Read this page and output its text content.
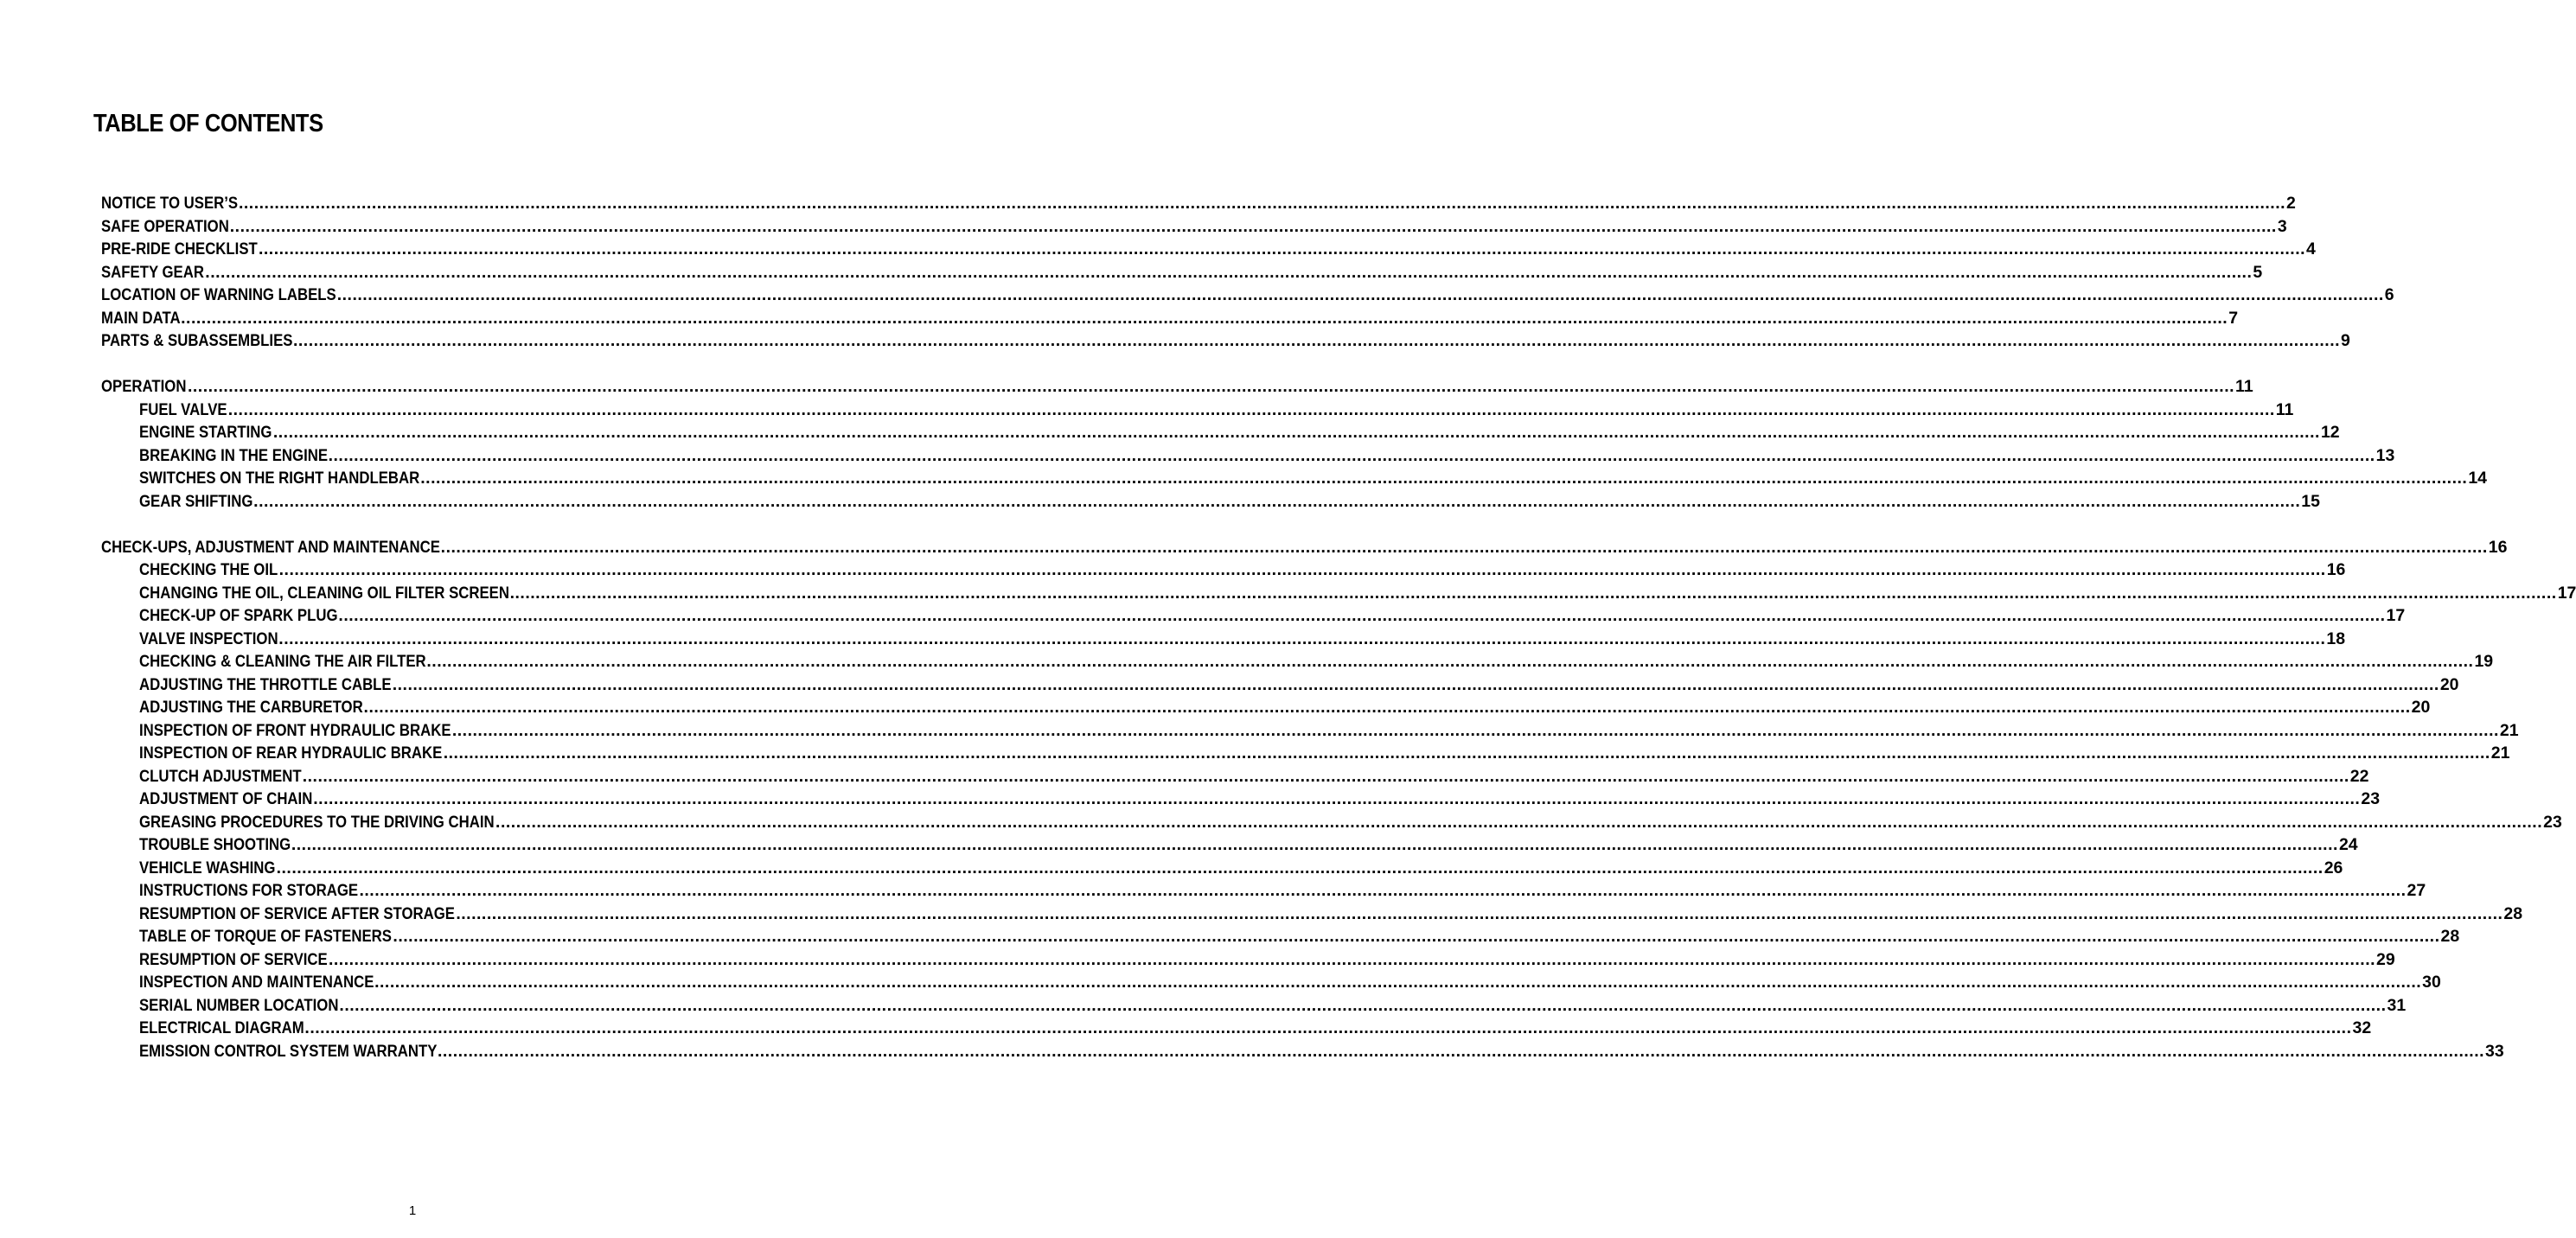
TABLE OF CONTENTS
NOTICE TO USER’S ................................................................................................................................................................................................................................................................................................................................................................................................................ 2
SAFE OPERATION ................................................................................................................................................................................................................................................................................................................................................................................................................ 3
PRE-RIDE CHECKLIST ................................................................................................................................................................................................................................................................................................................................................................................................................ 4
SAFETY GEAR ................................................................................................................................................................................................................................................................................................................................................................................................................ 5
LOCATION OF WARNING LABELS ................................................................................................................................................................................................................................................................................................................................................................................................................ 6
MAIN DATA ................................................................................................................................................................................................................................................................................................................................................................................................................ 7
PARTS & SUBASSEMBLIES ................................................................................................................................................................................................................................................................................................................................................................................................................ 9
OPERATION ................................................................................................................................................................................................................................................................................................................................................................................................................ 11
FUEL VALVE ................................................................................................................................................................................................................................................................................................................................................................................................................ 11
ENGINE STARTING ................................................................................................................................................................................................................................................................................................................................................................................................................ 12
BREAKING IN THE ENGINE ................................................................................................................................................................................................................................................................................................................................................................................................................ 13
SWITCHES ON THE RIGHT HANDLEBAR ................................................................................................................................................................................................................................................................................................................................................................................................................ 14
GEAR SHIFTING ................................................................................................................................................................................................................................................................................................................................................................................................................ 15
CHECK-UPS, ADJUSTMENT AND MAINTENANCE ................................................................................................................................................................................................................................................................................................................................................................................................................ 16
CHECKING THE OIL ................................................................................................................................................................................................................................................................................................................................................................................................................ 16
CHANGING THE OIL, CLEANING OIL FILTER SCREEN ................................................................................................................................................................................................................................................................................................................................................................................................................ 17
CHECK-UP OF SPARK PLUG ................................................................................................................................................................................................................................................................................................................................................................................................................ 17
VALVE INSPECTION ................................................................................................................................................................................................................................................................................................................................................................................................................ 18
CHECKING & CLEANING THE AIR FILTER ................................................................................................................................................................................................................................................................................................................................................................................................................ 19
ADJUSTING THE THROTTLE CABLE ................................................................................................................................................................................................................................................................................................................................................................................................................ 20
ADJUSTING THE CARBURETOR ................................................................................................................................................................................................................................................................................................................................................................................................................ 20
INSPECTION OF FRONT HYDRAULIC BRAKE ................................................................................................................................................................................................................................................................................................................................................................................................................ 21
INSPECTION OF REAR HYDRAULIC BRAKE ................................................................................................................................................................................................................................................................................................................................................................................................................ 21
CLUTCH ADJUSTMENT ................................................................................................................................................................................................................................................................................................................................................................................................................ 22
ADJUSTMENT OF CHAIN ................................................................................................................................................................................................................................................................................................................................................................................................................ 23
GREASING PROCEDURES TO THE DRIVING CHAIN ................................................................................................................................................................................................................................................................................................................................................................................................................ 23
TROUBLE SHOOTING ................................................................................................................................................................................................................................................................................................................................................................................................................ 24
VEHICLE WASHING ................................................................................................................................................................................................................................................................................................................................................................................................................ 26
INSTRUCTIONS FOR STORAGE ................................................................................................................................................................................................................................................................................................................................................................................................................ 27
RESUMPTION OF SERVICE AFTER STORAGE ................................................................................................................................................................................................................................................................................................................................................................................................................ 28
TABLE OF TORQUE OF FASTENERS ................................................................................................................................................................................................................................................................................................................................................................................................................ 28
RESUMPTION OF SERVICE ................................................................................................................................................................................................................................................................................................................................................................................................................ 29
INSPECTION AND MAINTENANCE ................................................................................................................................................................................................................................................................................................................................................................................................................ 30
SERIAL NUMBER LOCATION ................................................................................................................................................................................................................................................................................................................................................................................................................ 31
ELECTRICAL DIAGRAM ................................................................................................................................................................................................................................................................................................................................................................................................................ 32
EMISSION CONTROL SYSTEM WARRANTY ................................................................................................................................................................................................................................................................................................................................................................................................................ 33
1
